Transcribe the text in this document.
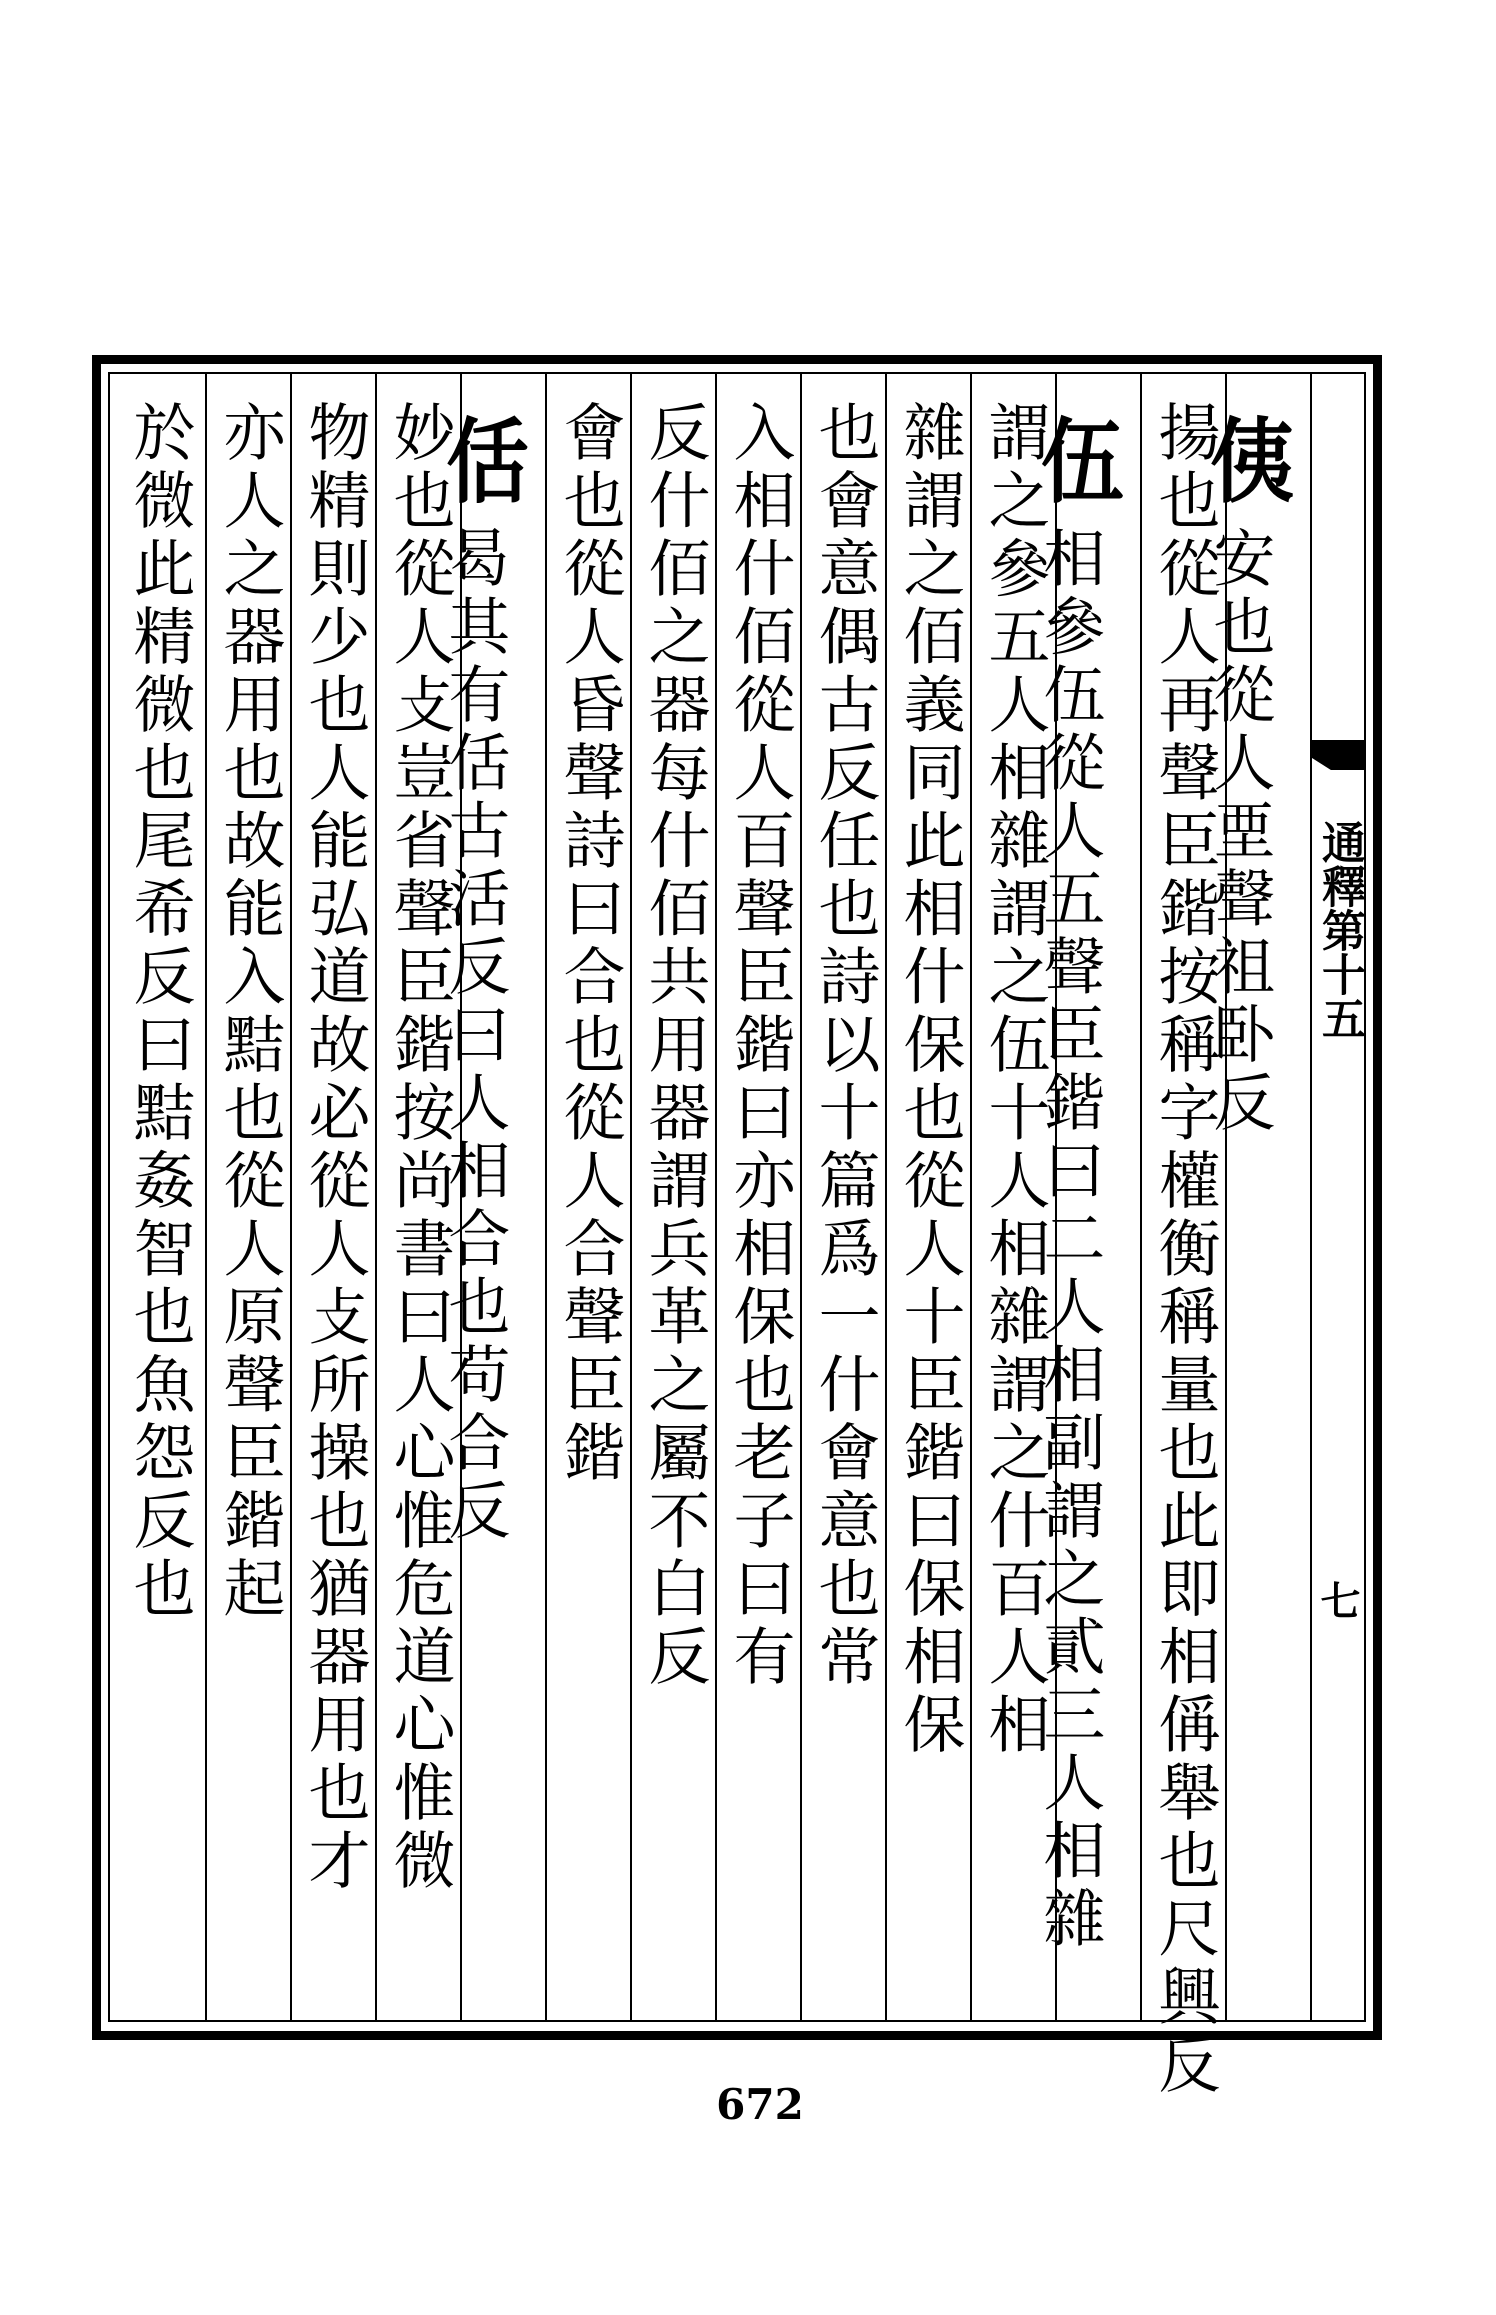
通釋第十五
七
侇安也從人垔聲祖卧反
揚也從人再聲臣鍇按稱字權衡稱量也此即相偁舉也尺興反
伍相參伍從人五聲臣鍇曰二人相副謂之貳三人相雜
謂之參五人相雜謂之伍十人相雜謂之什百人相
雜謂之佰義同此相什保也從人十臣鍇曰保相保
也會意偶古反任也詩以十篇爲一什會意也常
入相什佰從人百聲臣鍇曰亦相保也老子曰有
反什佰之器每什佰共用器謂兵革之屬不白反
會也從人昏聲詩曰合也從人合聲臣鍇
佸曷其有佸古活反曰人相合也苟合反
妙也從人攴豈省聲臣鍇按尚書曰人心惟危道心惟微
物精則少也人能弘道故必從人攴所操也猶器用也才
亦人之器用也故能入黠也從人原聲臣鍇起
於微此精微也尾希反曰黠姦智也魚怨反也
672
